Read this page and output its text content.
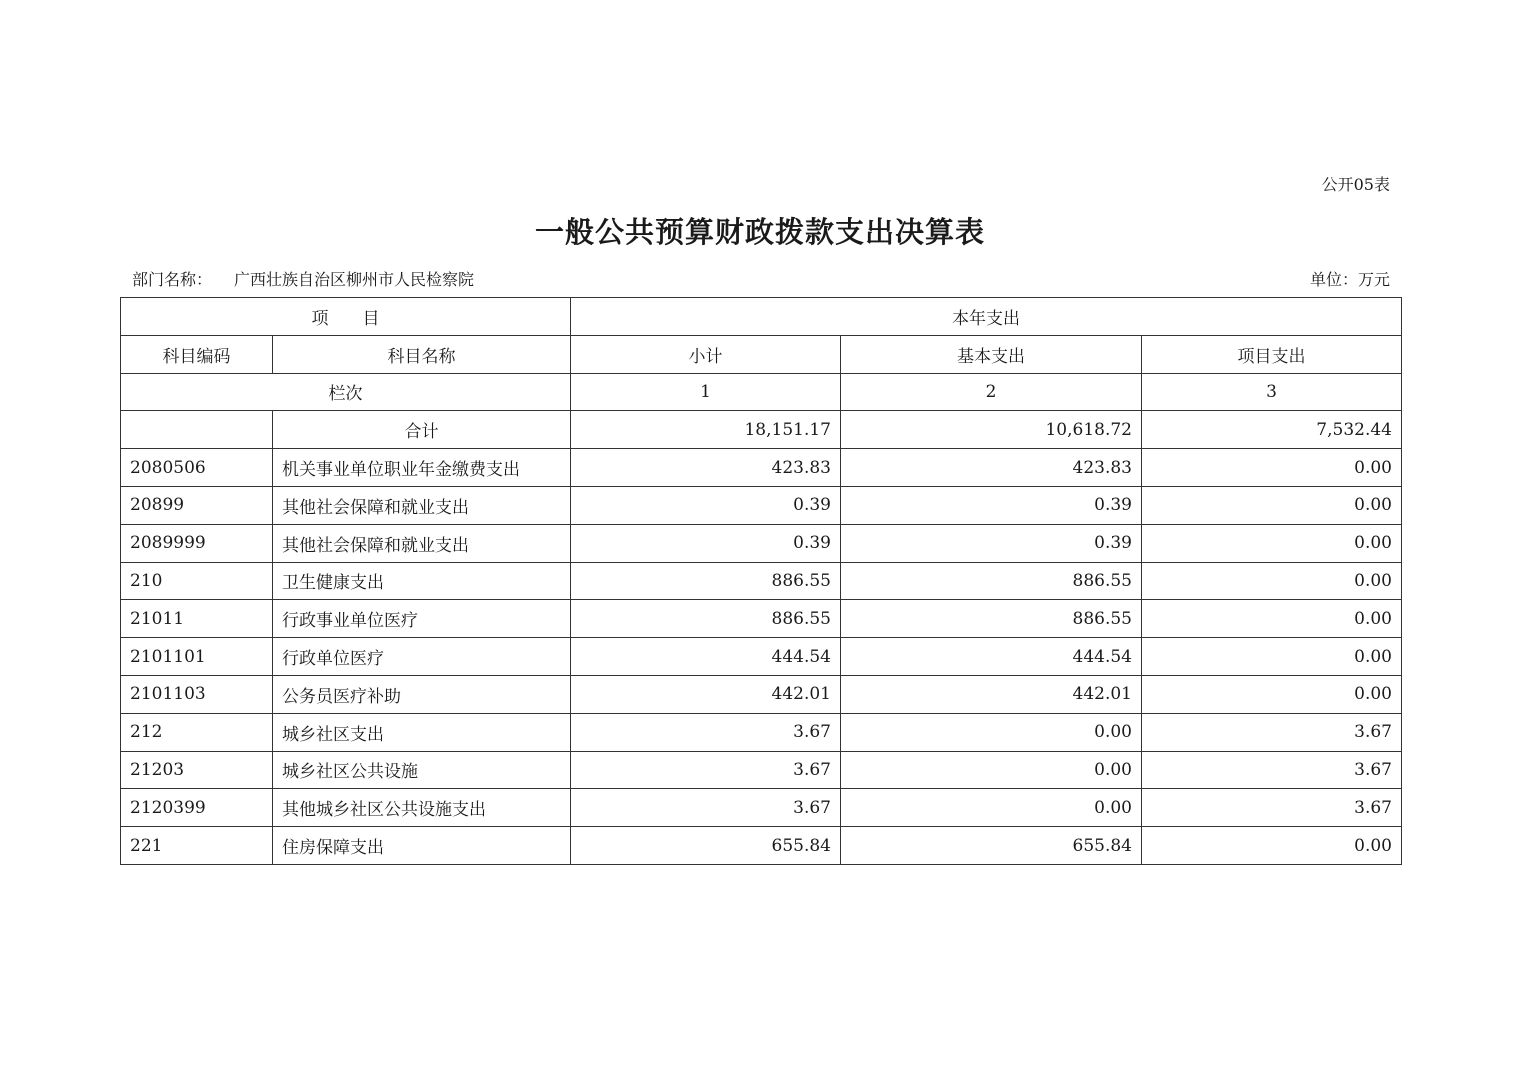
公开05表
一般公共预算财政拨款支出决算表
部门名称： 广西壮族自治区柳州市人民检察院	单位：万元
项　　目		本年支出		
科目编码	科目名称	小计	基本支出	项目支出
栏次		1	2	3
	合计	18,151.17	10,618.72	7,532.44
2080506	机关事业单位职业年金缴费支出	423.83	423.83	0.00
20899	其他社会保障和就业支出	0.39	0.39	0.00
2089999	其他社会保障和就业支出	0.39	0.39	0.00
210	卫生健康支出	886.55	886.55	0.00
21011	行政事业单位医疗	886.55	886.55	0.00
2101101	行政单位医疗	444.54	444.54	0.00
2101103	公务员医疗补助	442.01	442.01	0.00
212	城乡社区支出	3.67	0.00	3.67
21203	城乡社区公共设施	3.67	0.00	3.67
2120399	其他城乡社区公共设施支出	3.67	0.00	3.67
221	住房保障支出	655.84	655.84	0.00
